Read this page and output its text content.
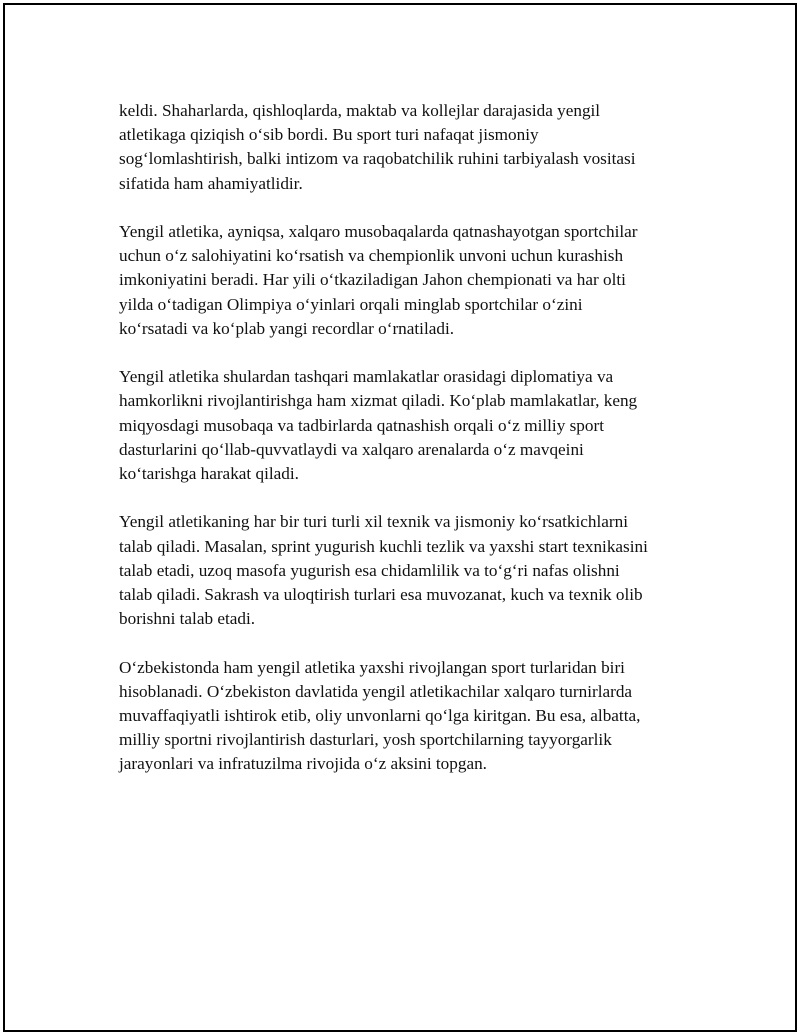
keldi. Shaharlarda, qishloqlarda, maktab va kollejlar darajasida yengil
atletikaga qiziqish o‘sib bordi. Bu sport turi nafaqat jismoniy
sog‘lomlashtirish, balki intizom va raqobatchilik ruhini tarbiyalash vositasi
sifatida ham ahamiyatlidir.

Yengil atletika, ayniqsa, xalqaro musobaqalarda qatnashayotgan sportchilar
uchun o‘z salohiyatini ko‘rsatish va chempionlik unvoni uchun kurashish
imkoniyatini beradi. Har yili o‘tkaziladigan Jahon chempionati va har olti
yilda o‘tadigan Olimpiya o‘yinlari orqali minglab sportchilar o‘zini
ko‘rsatadi va ko‘plab yangi recordlar o‘rnatiladi.

Yengil atletika shulardan tashqari mamlakatlar orasidagi diplomatiya va
hamkorlikni rivojlantirishga ham xizmat qiladi. Ko‘plab mamlakatlar, keng
miqyosdagi musobaqa va tadbirlarda qatnashish orqali o‘z milliy sport
dasturlarini qo‘llab-quvvatlaydi va xalqaro arenalarda o‘z mavqeini
ko‘tarishga harakat qiladi.

Yengil atletikaning har bir turi turli xil texnik va jismoniy ko‘rsatkichlarni
talab qiladi. Masalan, sprint yugurish kuchli tezlik va yaxshi start texnikasini
talab etadi, uzoq masofa yugurish esa chidamlilik va to‘g‘ri nafas olishni
talab qiladi. Sakrash va uloqtirish turlari esa muvozanat, kuch va texnik olib
borishni talab etadi.

O‘zbekistonda ham yengil atletika yaxshi rivojlangan sport turlaridan biri
hisoblanadi. O‘zbekiston davlatida yengil atletikachilar xalqaro turnirlarda
muvaffaqiyatli ishtirok etib, oliy unvonlarni qo‘lga kiritgan. Bu esa, albatta,
milliy sportni rivojlantirish dasturlari, yosh sportchilarning tayyorgarlik
jarayonlari va infratuzilma rivojida o‘z aksini topgan.
